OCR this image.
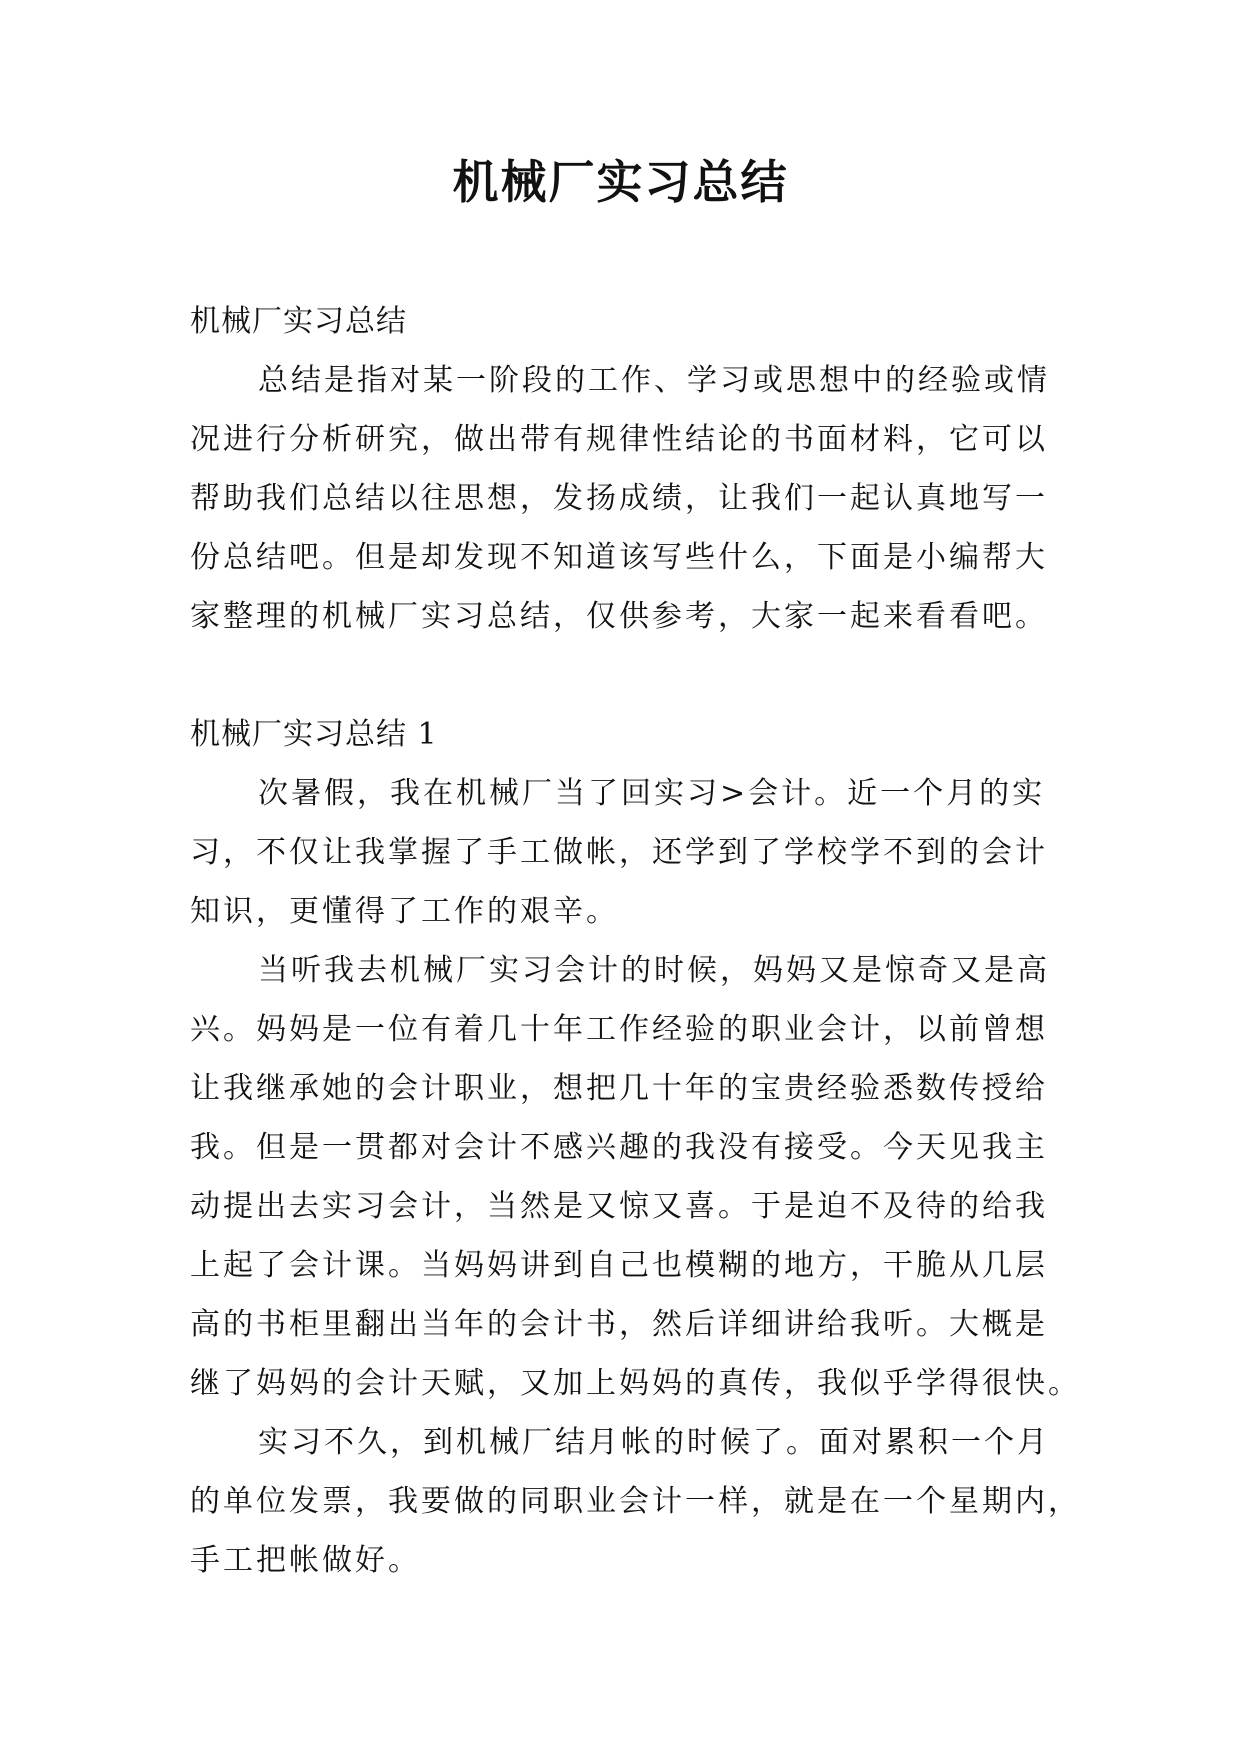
机械厂实习总结

机械厂实习总结

总结是指对某一阶段的工作、学习或思想中的经验或情

况进行分析研究，做出带有规律性结论的书面材料，它可以

帮助我们总结以往思想，发扬成绩，让我们一起认真地写一

份总结吧。但是却发现不知道该写些什么，下面是小编帮大

家整理的机械厂实习总结，仅供参考，大家一起来看看吧。

机械厂实习总结 1

次暑假，我在机械厂当了回实习>会计。近一个月的实

习，不仅让我掌握了手工做帐，还学到了学校学不到的会计

知识，更懂得了工作的艰辛。

当听我去机械厂实习会计的时候，妈妈又是惊奇又是高

兴。妈妈是一位有着几十年工作经验的职业会计，以前曾想

让我继承她的会计职业，想把几十年的宝贵经验悉数传授给

我。但是一贯都对会计不感兴趣的我没有接受。今天见我主

动提出去实习会计，当然是又惊又喜。于是迫不及待的给我

上起了会计课。当妈妈讲到自己也模糊的地方，干脆从几层

高的书柜里翻出当年的会计书，然后详细讲给我听。大概是

继了妈妈的会计天赋，又加上妈妈的真传，我似乎学得很快。

实习不久，到机械厂结月帐的时候了。面对累积一个月

的单位发票，我要做的同职业会计一样，就是在一个星期内，

手工把帐做好。
